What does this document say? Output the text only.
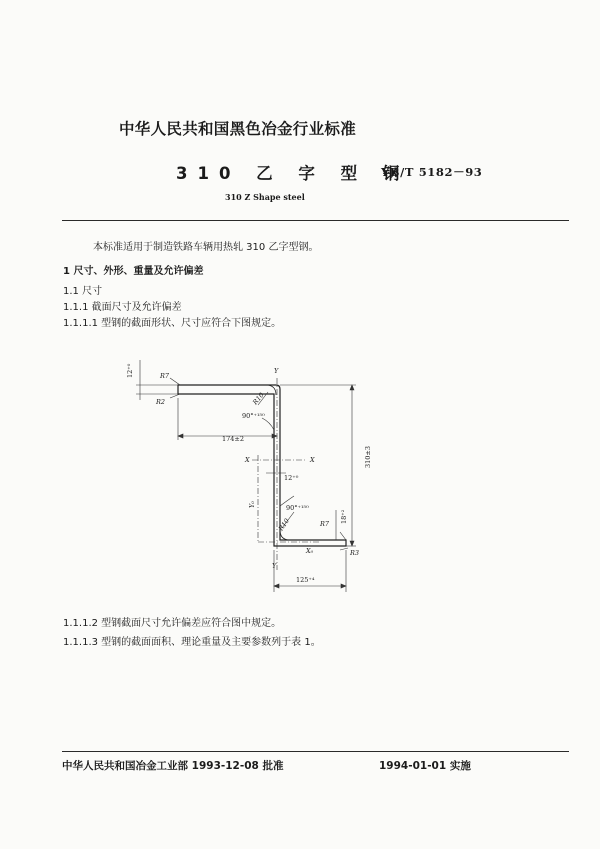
中华人民共和国黑色冶金行业标准
310 乙 字 型 钢
YB/T 5182－93
310 Z Shape steel
本标准适用于制造铁路车辆用热轧 310 乙字型钢。
1 尺寸、外形、重量及允许偏差
1.1 尺寸
1.1.1 截面尺寸及允许偏差
1.1.1.1 型钢的截面形状、尺寸应符合下图规定。
12⁺⁰	R7
R2	R10
90°⁺¹⁵⁰
174±2
Y
X	X
12⁺⁰
310±3
Y₀	90°⁺¹⁵⁰
R10	R7 18⁺²
X₀	R3
Y
125⁺⁴
1.1.1.2 型钢截面尺寸允许偏差应符合图中规定。
1.1.1.3 型钢的截面面积、理论重量及主要参数列于表 1。
中华人民共和国冶金工业部 1993-12-08 批准	1994-01-01 实施
